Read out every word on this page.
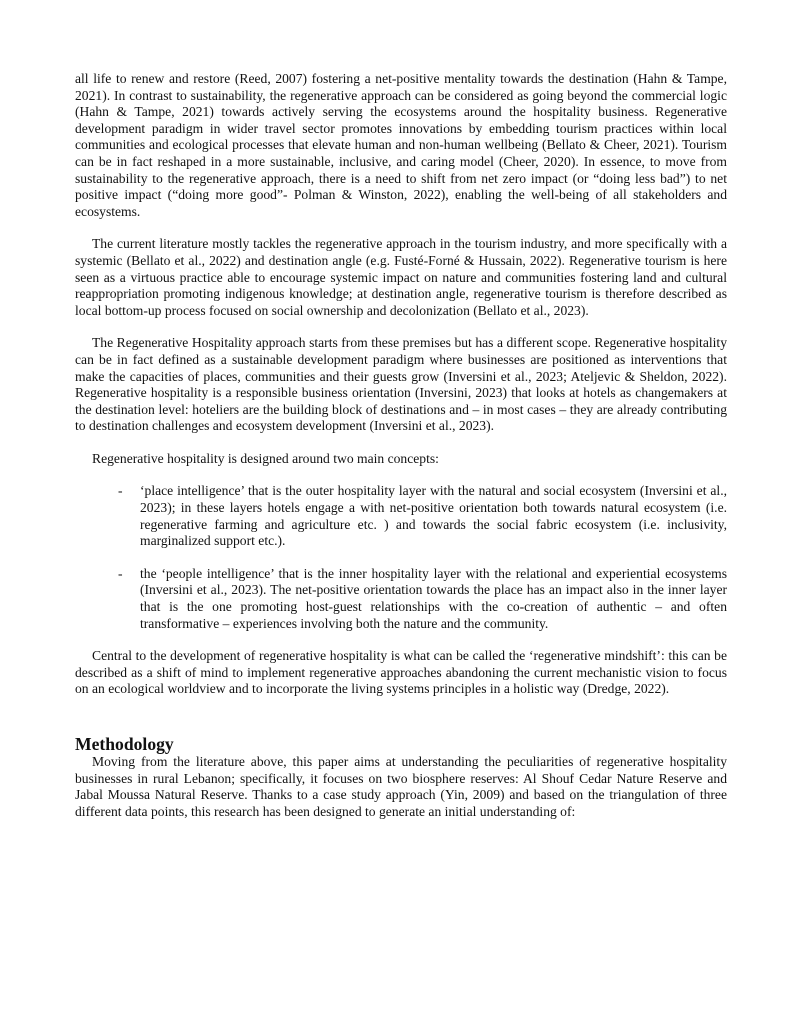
all life to renew and restore (Reed, 2007) fostering a net-positive mentality towards the destination (Hahn & Tampe, 2021). In contrast to sustainability, the regenerative approach can be considered as going beyond the commercial logic (Hahn & Tampe, 2021) towards actively serving the ecosystems around the hospitality business. Regenerative development paradigm in wider travel sector promotes innovations by embedding tourism practices within local communities and ecological processes that elevate human and non-human wellbeing (Bellato & Cheer, 2021). Tourism can be in fact reshaped in a more sustainable, inclusive, and caring model (Cheer, 2020). In essence, to move from sustainability to the regenerative approach, there is a need to shift from net zero impact (or “doing less bad”) to net positive impact (“doing more good”- Polman & Winston, 2022), enabling the well-being of all stakeholders and ecosystems.

The current literature mostly tackles the regenerative approach in the tourism industry, and more specifically with a systemic (Bellato et al., 2022) and destination angle (e.g. Fusté-Forné & Hussain, 2022). Regenerative tourism is here seen as a virtuous practice able to encourage systemic impact on nature and communities fostering land and cultural reappropriation promoting indigenous knowledge; at destination angle, regenerative tourism is therefore described as local bottom-up process focused on social ownership and decolonization (Bellato et al., 2023).

The Regenerative Hospitality approach starts from these premises but has a different scope. Regenerative hospitality can be in fact defined as a sustainable development paradigm where businesses are positioned as interventions that make the capacities of places, communities and their guests grow (Inversini et al., 2023; Ateljevic & Sheldon, 2022). Regenerative hospitality is a responsible business orientation (Inversini, 2023) that looks at hotels as changemakers at the destination level: hoteliers are the building block of destinations and – in most cases – they are already contributing to destination challenges and ecosystem development (Inversini et al., 2023).

Regenerative hospitality is designed around two main concepts:

- ‘place intelligence’ that is the outer hospitality layer with the natural and social ecosystem (Inversini et al., 2023); in these layers hotels engage a with net-positive orientation both towards natural ecosystem (i.e. regenerative farming and agriculture etc. ) and towards the social fabric ecosystem (i.e. inclusivity, marginalized support etc.).

- the ‘people intelligence’ that is the inner hospitality layer with the relational and experiential ecosystems (Inversini et al., 2023). The net-positive orientation towards the place has an impact also in the inner layer that is the one promoting host-guest relationships with the co-creation of authentic – and often transformative – experiences involving both the nature and the community.

Central to the development of regenerative hospitality is what can be called the ‘regenerative mindshift’: this can be described as a shift of mind to implement regenerative approaches abandoning the current mechanistic vision to focus on an ecological worldview and to incorporate the living systems principles in a holistic way (Dredge, 2022).

Methodology

Moving from the literature above, this paper aims at understanding the peculiarities of regenerative hospitality businesses in rural Lebanon; specifically, it focuses on two biosphere reserves: Al Shouf Cedar Nature Reserve and Jabal Moussa Natural Reserve. Thanks to a case study approach (Yin, 2009) and based on the triangulation of three different data points, this research has been designed to generate an initial understanding of:
